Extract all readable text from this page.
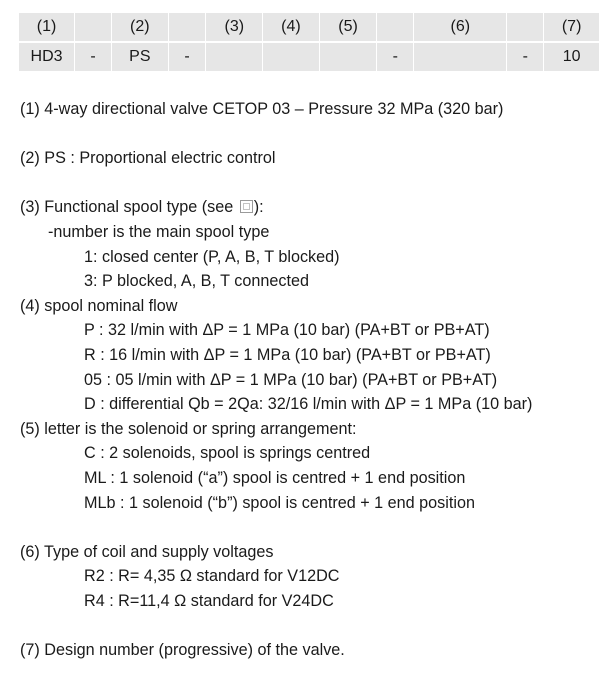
(1)		(2)		(3)	(4)	(5)		(6)		(7)
HD3	-	PS	-				-		-	10
(1) 4-way directional valve CETOP 03 – Pressure 32 MPa (320 bar)
(2) PS : Proportional electric control
(3) Functional spool type (see ):
-number is the main spool type
1: closed center (P, A, B, T blocked)
3: P blocked, A, B, T connected
(4) spool nominal flow
P : 32 l/min with ΔP = 1 MPa (10 bar) (PA+BT or PB+AT)
R : 16 l/min with ΔP = 1 MPa (10 bar) (PA+BT or PB+AT)
05 : 05 l/min with ΔP = 1 MPa (10 bar) (PA+BT or PB+AT)
D : differential Qb = 2Qa: 32/16 l/min with ΔP = 1 MPa (10 bar)
(5) letter is the solenoid or spring arrangement:
C : 2 solenoids, spool is springs centred
ML : 1 solenoid (“a”) spool is centred + 1 end position
MLb : 1 solenoid (“b”) spool is centred + 1 end position
(6) Type of coil and supply voltages
R2 : R= 4,35 Ω standard for V12DC
R4 : R=11,4 Ω standard for V24DC
(7) Design number (progressive) of the valve.
